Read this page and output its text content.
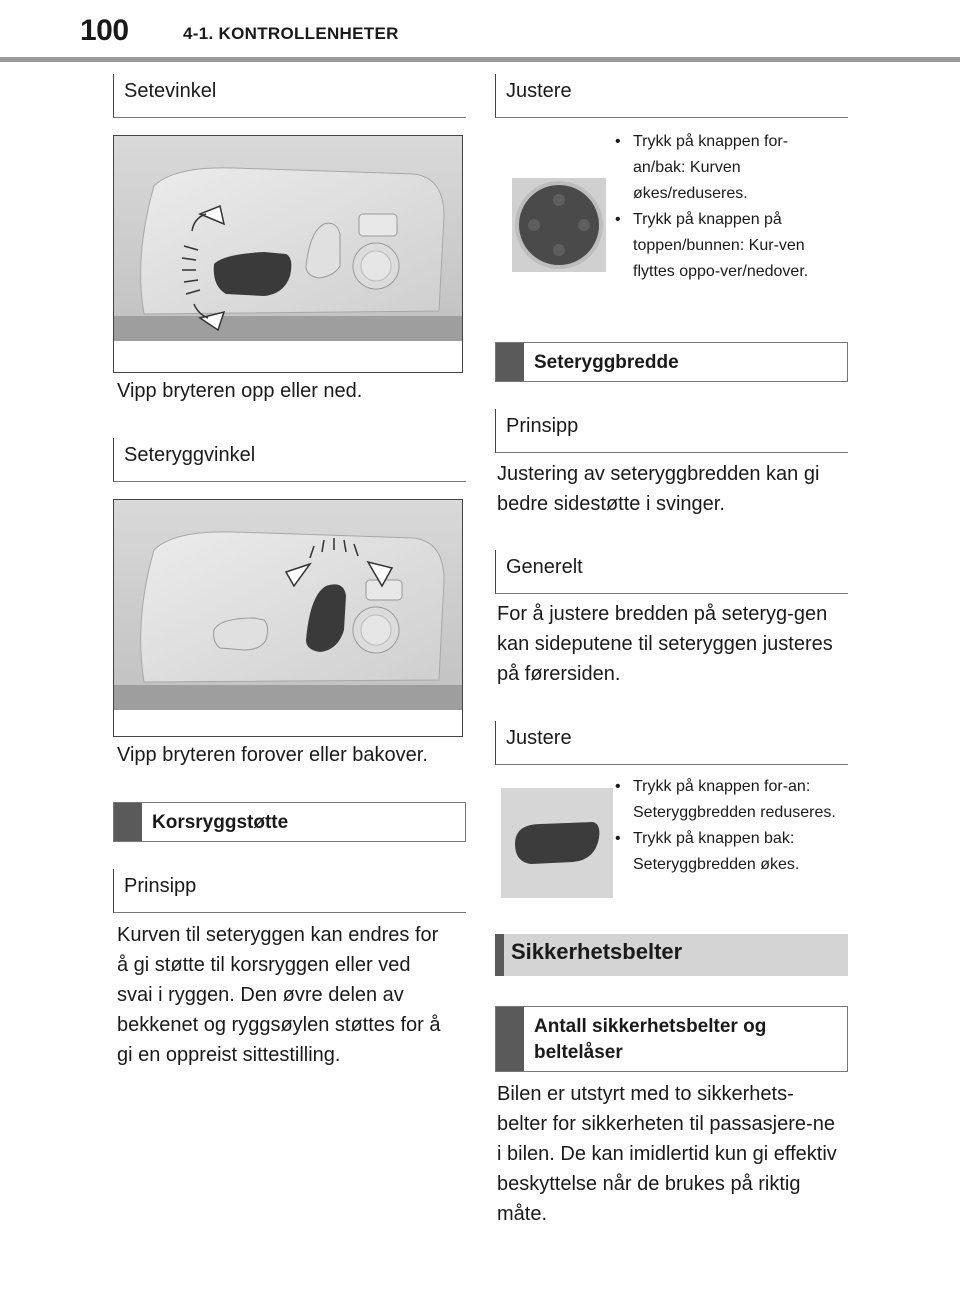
100	4-1. KONTROLLENHETER
Setevinkel
Vipp bryteren opp eller ned.
Seteryggvinkel
Vipp bryteren forover eller bakover.
Korsryggstøtte
Prinsipp
Kurven til seteryggen kan endres for å gi støtte til korsryggen eller ved svai i ryggen. Den øvre delen av bekkenet og ryggsøylen støttes for å gi en oppreist sittestilling.
Justere
• Trykk på knappen for-an/bak: Kurven økes/reduseres.
• Trykk på knappen på toppen/bunnen: Kur-ven flyttes oppo-ver/nedover.
Seteryggbredde
Prinsipp
Justering av seteryggbredden kan gi bedre sidestøtte i svinger.
Generelt
For å justere bredden på seteryg-gen kan sideputene til seteryggen justeres på førersiden.
Justere
• Trykk på knappen for-an: Seteryggbredden reduseres.
• Trykk på knappen bak: Seteryggbredden økes.
Sikkerhetsbelter
Antall sikkerhetsbelter og beltelåser
Bilen er utstyrt med to sikkerhets-belter for sikkerheten til passasjere-ne i bilen. De kan imidlertid kun gi effektiv beskyttelse når de brukes på riktig måte.
